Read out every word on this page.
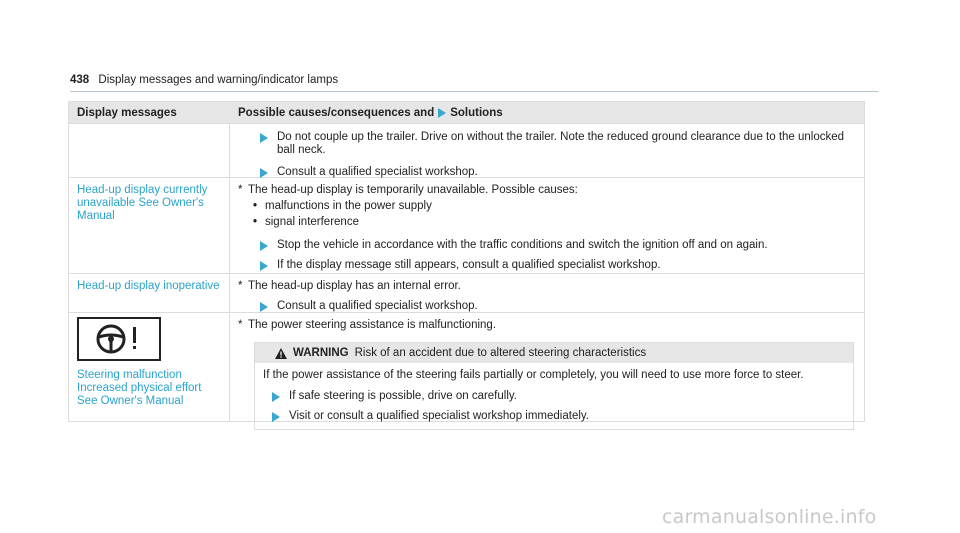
438 Display messages and warning/indicator lamps
Display messages	Possible causes/consequences and Solutions
Do not couple up the trailer. Drive on without the trailer. Note the reduced ground clearance due to the unlocked ball neck.
Consult a qualified specialist workshop.
Head-up display currently unavailable See Owner's Manual
* The head-up display is temporarily unavailable. Possible causes:
• malfunctions in the power supply
• signal interference
Stop the vehicle in accordance with the traffic conditions and switch the ignition off and on again.
If the display message still appears, consult a qualified specialist workshop.
Head-up display inoperative	* The head-up display has an internal error.
Consult a qualified specialist workshop.
Steering malfunction
Increased physical effort
See Owner's Manual
* The power steering assistance is malfunctioning.
WARNING Risk of an accident due to altered steering characteristics
If the power assistance of the steering fails partially or completely, you will need to use more force to steer.
If safe steering is possible, drive on carefully.
Visit or consult a qualified specialist workshop immediately.
carmanualsonline.info
